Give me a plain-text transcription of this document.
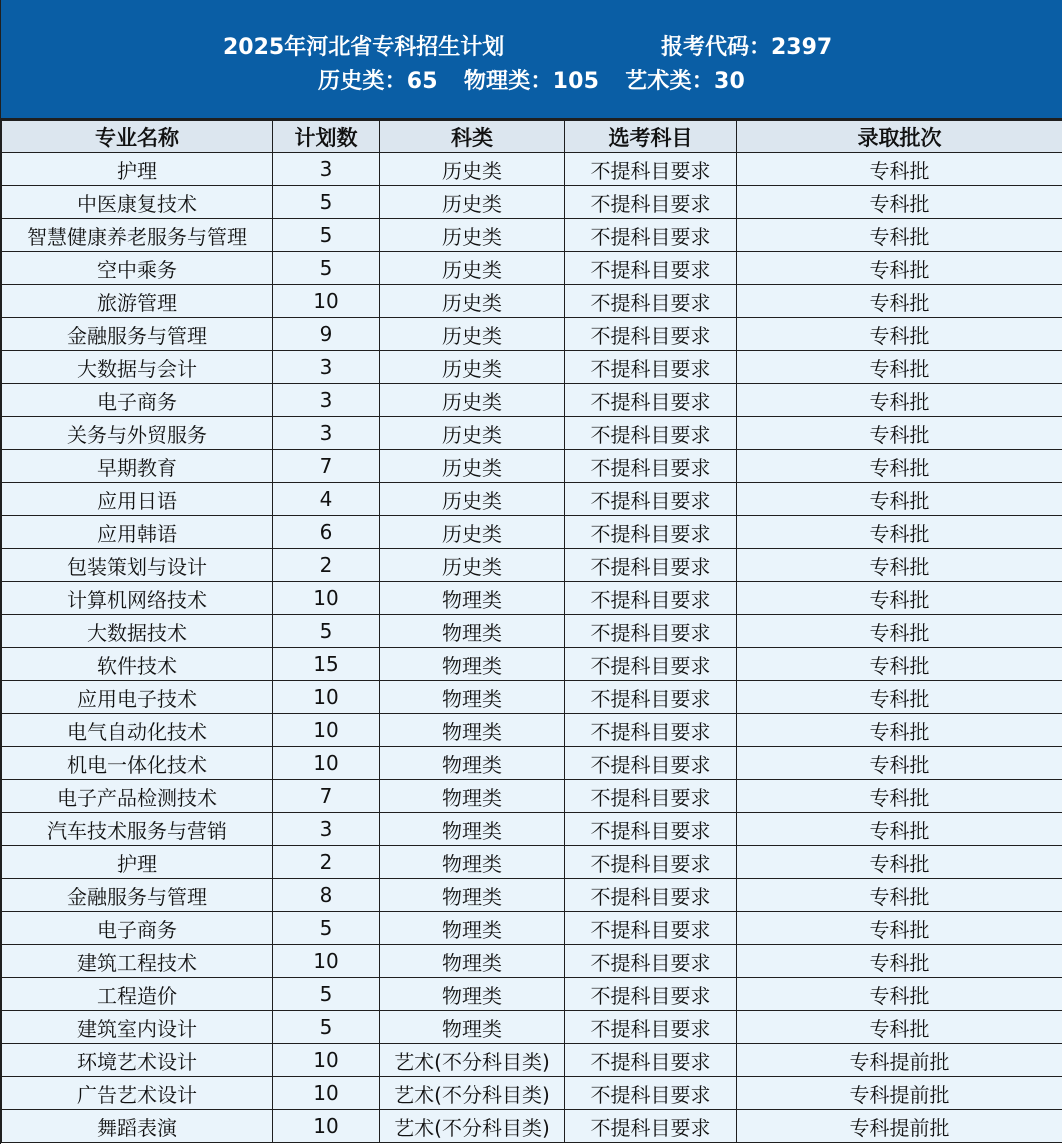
2025年河北省专科招生计划	报考代码：2397
历史类：65 物理类：105 艺术类：30
专业名称	计划数	科类	选考科目	录取批次
护理	3	历史类	不提科目要求	专科批
中医康复技术	5	历史类	不提科目要求	专科批
智慧健康养老服务与管理	5	历史类	不提科目要求	专科批
空中乘务	5	历史类	不提科目要求	专科批
旅游管理	10	历史类	不提科目要求	专科批
金融服务与管理	9	历史类	不提科目要求	专科批
大数据与会计	3	历史类	不提科目要求	专科批
电子商务	3	历史类	不提科目要求	专科批
关务与外贸服务	3	历史类	不提科目要求	专科批
早期教育	7	历史类	不提科目要求	专科批
应用日语	4	历史类	不提科目要求	专科批
应用韩语	6	历史类	不提科目要求	专科批
包装策划与设计	2	历史类	不提科目要求	专科批
计算机网络技术	10	物理类	不提科目要求	专科批
大数据技术	5	物理类	不提科目要求	专科批
软件技术	15	物理类	不提科目要求	专科批
应用电子技术	10	物理类	不提科目要求	专科批
电气自动化技术	10	物理类	不提科目要求	专科批
机电一体化技术	10	物理类	不提科目要求	专科批
电子产品检测技术	7	物理类	不提科目要求	专科批
汽车技术服务与营销	3	物理类	不提科目要求	专科批
护理	2	物理类	不提科目要求	专科批
金融服务与管理	8	物理类	不提科目要求	专科批
电子商务	5	物理类	不提科目要求	专科批
建筑工程技术	10	物理类	不提科目要求	专科批
工程造价	5	物理类	不提科目要求	专科批
建筑室内设计	5	物理类	不提科目要求	专科批
环境艺术设计	10	艺术(不分科目类)	不提科目要求	专科提前批
广告艺术设计	10	艺术(不分科目类)	不提科目要求	专科提前批
舞蹈表演	10	艺术(不分科目类)	不提科目要求	专科提前批
